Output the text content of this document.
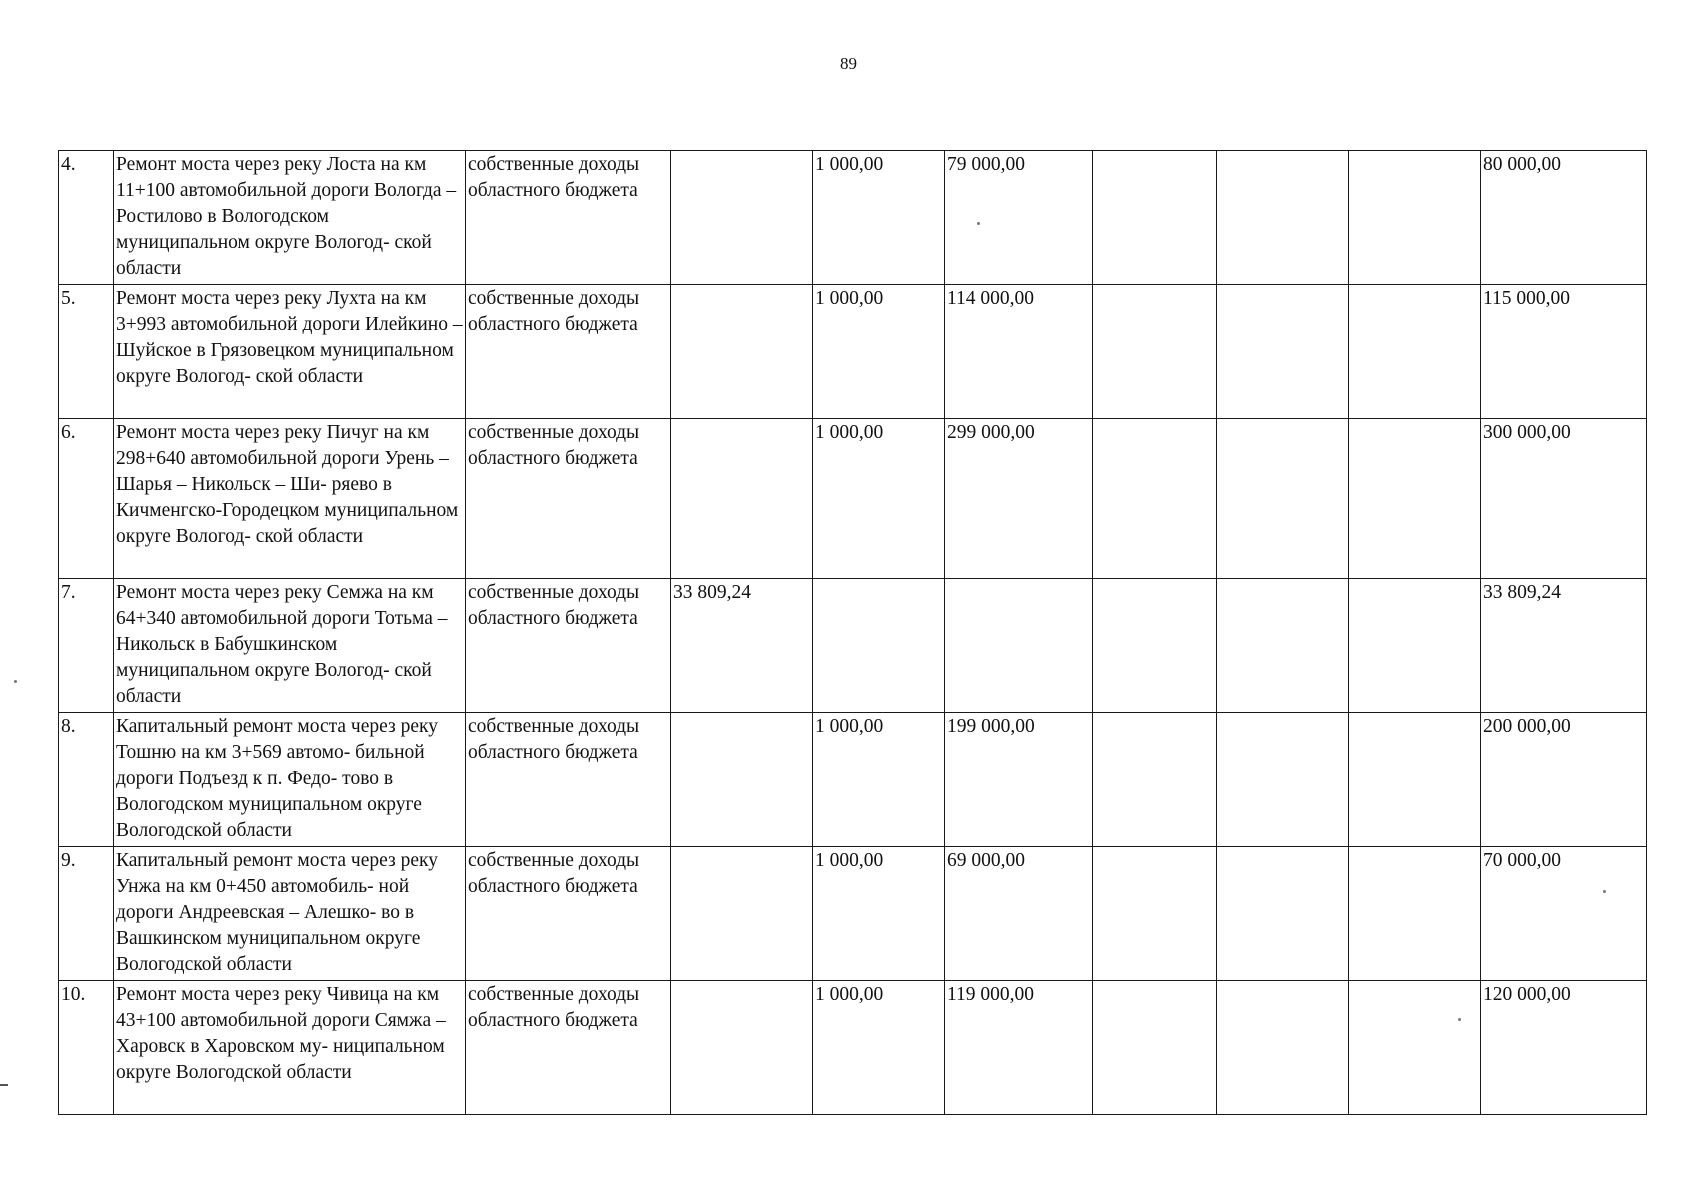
89
4.	Ремонт моста через реку Лоста на км 11+100 автомобильной дороги Вологда – Ростилово в Вологодском муниципальном округе Вологод- ской области	собственные доходы областного бюджета		1 000,00	79 000,00				80 000,00
5.	Ремонт моста через реку Лухта на км 3+993 автомобильной дороги Илейкино – Шуйское в Грязовецком муниципальном округе Вологод- ской области	собственные доходы областного бюджета		1 000,00	114 000,00				115 000,00
6.	Ремонт моста через реку Пичуг на км 298+640 автомобильной дороги Урень – Шарья – Никольск – Ши- ряево в Кичменгско-Городецком муниципальном округе Вологод- ской области	собственные доходы областного бюджета		1 000,00	299 000,00				300 000,00
7.	Ремонт моста через реку Семжа на км 64+340 автомобильной дороги Тотьма – Никольск в Бабушкинском муниципальном округе Вологод- ской области	собственные доходы областного бюджета	33 809,24						33 809,24
8.	Капитальный ремонт моста через реку Тошню на км 3+569 автомо- бильной дороги Подъезд к п. Федо- тово в Вологодском муниципальном округе Вологодской области	собственные доходы областного бюджета		1 000,00	199 000,00				200 000,00
9.	Капитальный ремонт моста через реку Унжа на км 0+450 автомобиль- ной дороги Андреевская – Алешко- во в Вашкинском муниципальном округе Вологодской области	собственные доходы областного бюджета		1 000,00	69 000,00				70 000,00
10.	Ремонт моста через реку Чивица на км 43+100 автомобильной дороги Сямжа – Харовск в Харовском му- ниципальном округе Вологодской области	собственные доходы областного бюджета		1 000,00	119 000,00				120 000,00
